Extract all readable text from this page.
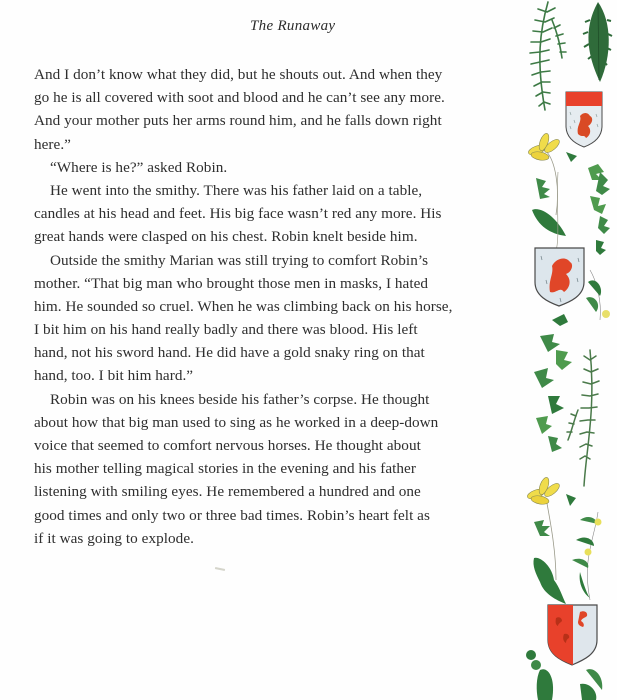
The Runaway
And I don’t know what they did, but he shouts out. And when they
go he is all covered with soot and blood and he can’t see any more.
And your mother puts her arms round him, and he falls down right
here.”
“Where is he?” asked Robin.
He went into the smithy. There was his father laid on a table,
candles at his head and feet. His big face wasn’t red any more. His
great hands were clasped on his chest. Robin knelt beside him.
Outside the smithy Marian was still trying to comfort Robin’s
mother. “That big man who brought those men in masks, I hated
him. He sounded so cruel. When he was climbing back on his horse,
I bit him on his hand really badly and there was blood. His left
hand, not his sword hand. He did have a gold snaky ring on that
hand, too. I bit him hard.”
Robin was on his knees beside his father’s corpse. He thought
about how that big man used to sing as he worked in a deep-down
voice that seemed to comfort nervous horses. He thought about
his mother telling magical stories in the evening and his father
listening with smiling eyes. He remembered a hundred and one
good times and only two or three bad times. Robin’s heart felt as
if it was going to explode.
